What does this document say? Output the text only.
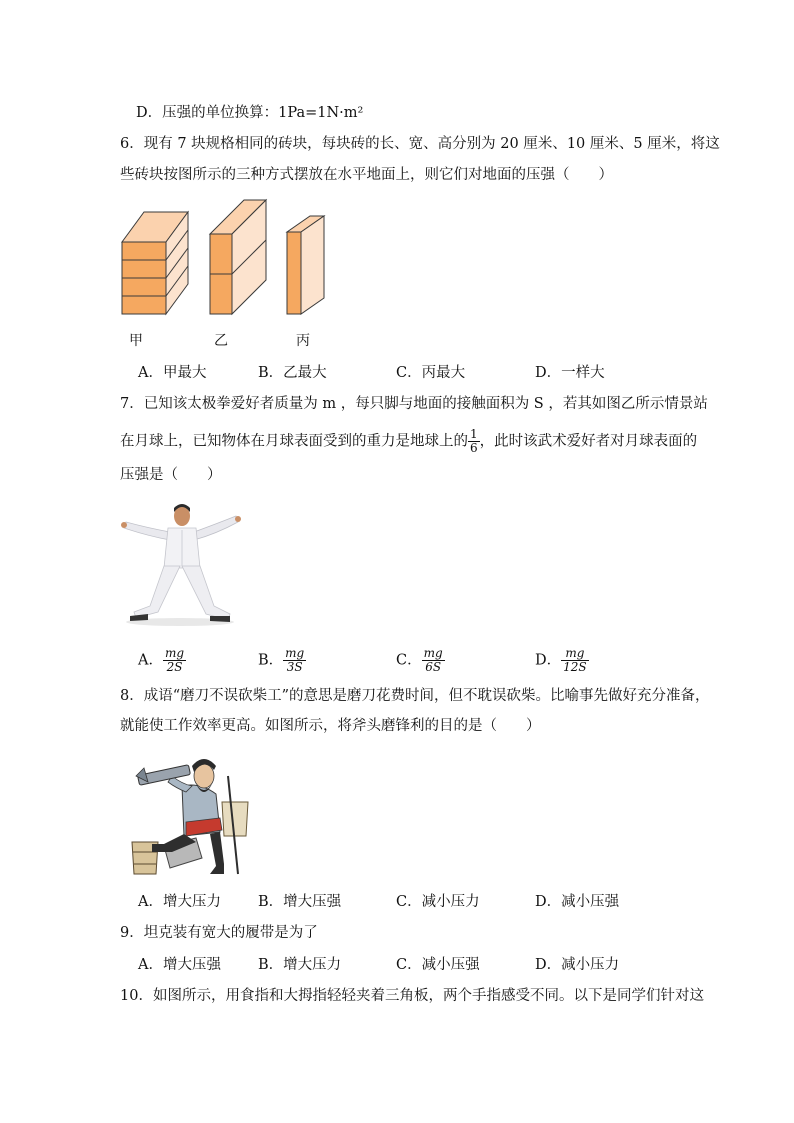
D．压强的单位换算：1Pa=1N·m²
6．现有 7 块规格相同的砖块，每块砖的长、宽、高分别为 20 厘米、10 厘米、5 厘米，将这
些砖块按图所示的三种方式摆放在水平地面上，则它们对地面的压强（　　）
甲	乙	丙
A．甲最大	B．乙最大	C．丙最大	D．一样大
7．已知该太极拳爱好者质量为 m ，每只脚与地面的接触面积为 S ，若其如图乙所示情景站
在月球上，已知物体在月球表面受到的重力是地球上的 $\frac{1}{6}$ ，此时该武术爱好者对月球表面的
压强是（　　）
A． $\frac{mg}{2S}$	B． $\frac{mg}{3S}$	C． $\frac{mg}{6S}$	D． $\frac{mg}{12S}$
8．成语“磨刀不误砍柴工”的意思是磨刀花费时间，但不耽误砍柴。比喻事先做好充分准备，
就能使工作效率更高。如图所示，将斧头磨锋利的目的是（　　）
A．增大压力	B．增大压强	C．减小压力	D．减小压强
9．坦克装有宽大的履带是为了
A．增大压强	B．增大压力	C．减小压强	D．减小压力
10．如图所示，用食指和大拇指轻轻夹着三角板，两个手指感受不同。以下是同学们针对这
